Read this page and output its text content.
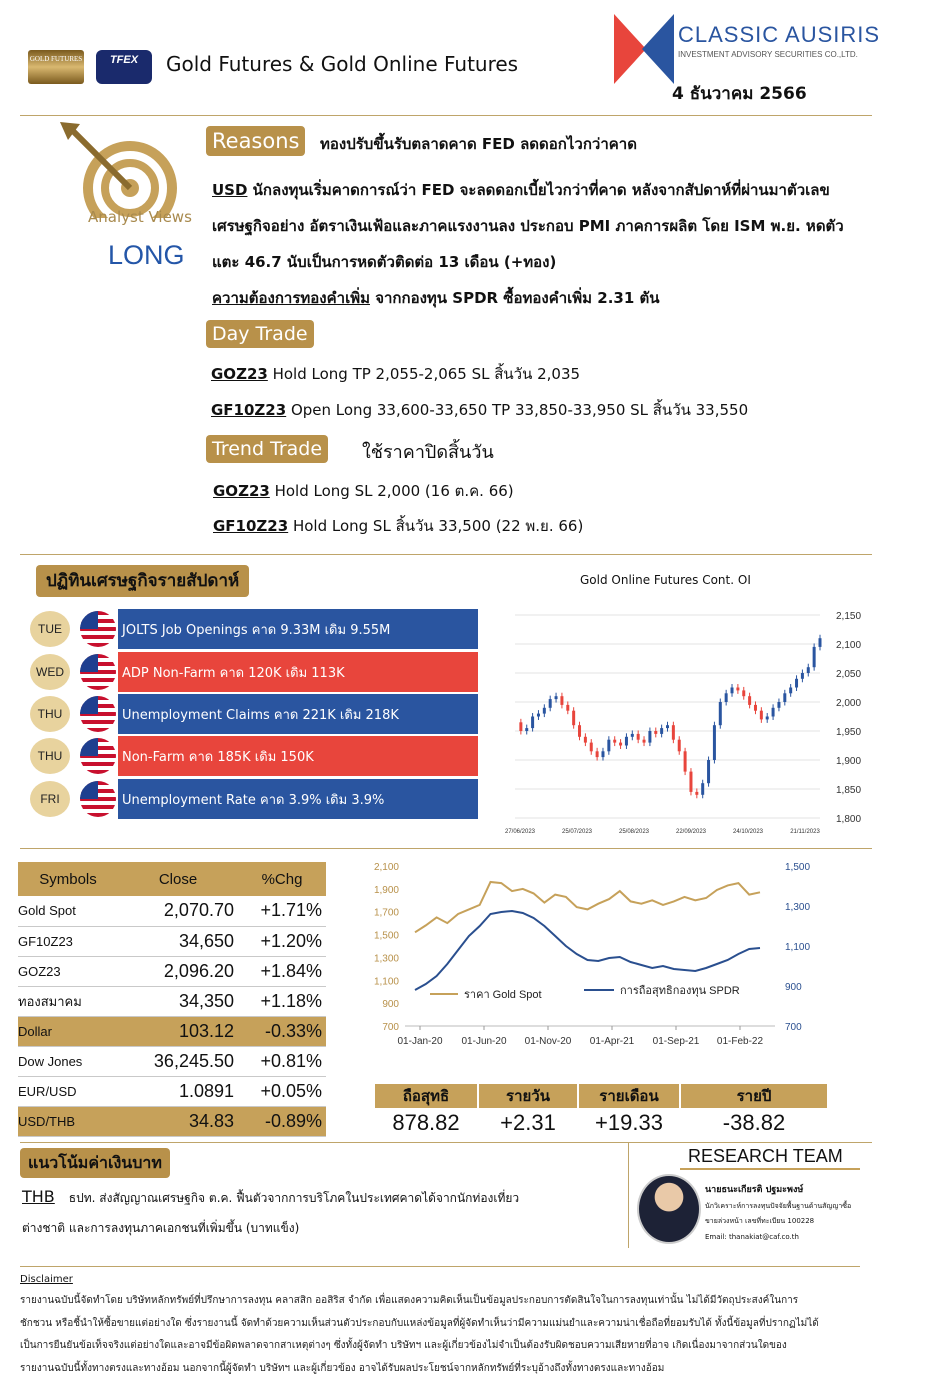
GOLD FUTURES	TFEX	Gold Futures & Gold Online Futures
CLASSIC AUSIRIS
INVESTMENT ADVISORY SECURITIES CO.,LTD.
4 ธันวาคม 2566
Analyst Views
LONG
Reasons	ทองปรับขึ้นรับตลาดคาด FED ลดดอกไวกว่าคาด
USD นักลงทุนเริ่มคาดการณ์ว่า FED จะลดดอกเบี้ยไวกว่าที่คาด หลังจากสัปดาห์ที่ผ่านมาตัวเลข
เศรษฐกิจอย่าง อัตราเงินเฟ้อและภาคแรงงานลง ประกอบ PMI ภาคการผลิต โดย ISM พ.ย. หดตัว
แตะ 46.7 นับเป็นการหดตัวติดต่อ 13 เดือน (+ทอง)
ความต้องการทองคำเพิ่ม จากกองทุน SPDR ซื้อทองคำเพิ่ม 2.31 ตัน
Day Trade
GOZ23 Hold Long TP 2,055-2,065 SL สิ้นวัน 2,035
GF10Z23 Open Long 33,600-33,650 TP 33,850-33,950 SL สิ้นวัน 33,550
Trend Trade	ใช้ราคาปิดสิ้นวัน
GOZ23 Hold Long SL 2,000 (16 ต.ค. 66)
GF10Z23 Hold Long SL สิ้นวัน 33,500 (22 พ.ย. 66)
ปฏิทินเศรษฐกิจรายสัปดาห์
TUE	JOLTS Job Openings คาด 9.33M เดิม 9.55M
WED	ADP Non-Farm คาด 120K เดิม 113K
THU	Unemployment Claims คาด 221K เดิม 218K
THU	Non-Farm คาด 185K เดิม 150K
FRI	Unemployment Rate คาด 3.9% เดิม 3.9%
Gold Online Futures Cont. OI
2,150
2,100
2,050
2,000
1,950
1,900
1,850
1,800
27/06/2023	25/07/2023	25/08/2023	22/09/2023	24/10/2023	21/11/2023
Symbols	Close	%Chg
Gold Spot	2,070.70	+1.71%
GF10Z23	34,650	+1.20%
GOZ23	2,096.20	+1.84%
ทองสมาคม	34,350	+1.18%
Dollar	103.12	-0.33%
Dow Jones	36,245.50	+0.81%
EUR/USD	1.0891	+0.05%
USD/THB	34.83	-0.89%
2,100
1,900
1,700
1,500
1,300
1,100
900
700
1,500
1,300
1,100
900
700
01-Jan-20 01-Jun-20 01-Nov-20 01-Apr-21 01-Sep-21 01-Feb-22
ราคา Gold Spot	การถือสุทธิกองทุน SPDR
ถือสุทธิ	รายวัน	รายเดือน	รายปี
878.82	+2.31	+19.33	-38.82
แนวโน้มค่าเงินบาท
THB ธปท. ส่งสัญญาณเศรษฐกิจ ต.ค. ฟื้นตัวจากการบริโภคในประเทศคาดได้จากนักท่องเที่ยว
ต่างชาติ และการลงทุนภาคเอกชนที่เพิ่มขึ้น (บาทแข็ง)
RESEARCH TEAM
นายธนะเกียรติ ปฐมะพงษ์
นักวิเคราะห์การลงทุนปัจจัยพื้นฐานด้านสัญญาซื้อ
ขายล่วงหน้า เลขที่ทะเบียน 100228
Email: thanakiat@caf.co.th
Disclaimer
รายงานฉบับนี้จัดทำโดย บริษัทหลักทรัพย์ที่ปรึกษาการลงทุน คลาสสิก ออสิริส จำกัด เพื่อแสดงความคิดเห็นเป็นข้อมูลประกอบการตัดสินใจในการลงทุนเท่านั้น ไม่ได้มีวัตถุประสงค์ในการ
ชักชวน หรือชี้นำให้ซื้อขายแต่อย่างใด ซึ่งรายงานนี้ จัดทำด้วยความเห็นส่วนตัวประกอบกับแหล่งข้อมูลที่ผู้จัดทำเห็นว่ามีความแม่นยำและความน่าเชื่อถือที่ยอมรับได้ ทั้งนี้ข้อมูลที่ปรากฏไม่ได้
เป็นการยืนยันข้อเท็จจริงแต่อย่างใดและอาจมีข้อผิดพลาดจากสาเหตุต่างๆ ซึ่งทั้งผู้จัดทำ บริษัทฯ และผู้เกี่ยวข้องไม่จำเป็นต้องรับผิดชอบความเสียหายที่อาจ เกิดเนื่องมาจากส่วนใดของ
รายงานฉบับนี้ทั้งทางตรงและทางอ้อม นอกจากนี้ผู้จัดทำ บริษัทฯ และผู้เกี่ยวข้อง อาจได้รับผลประโยชน์จากหลักทรัพย์ที่ระบุอ้างถึงทั้งทางตรงและทางอ้อม
